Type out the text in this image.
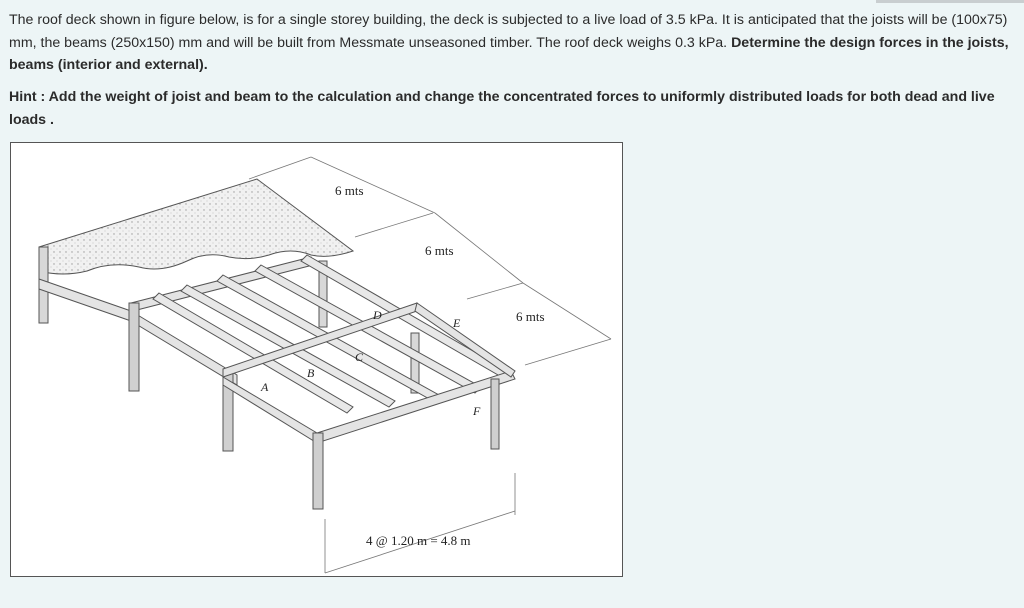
The roof deck shown in figure below, is for a single storey building, the deck is subjected to a live load of 3.5 kPa. It is anticipated that the joists will be (100x75) mm, the beams (250x150) mm and will be built from Messmate unseasoned timber. The roof deck weighs 0.3 kPa. Determine the design forces in the joists, beams (interior and external).

Hint : Add the weight of joist and beam to the calculation and change the concentrated forces to uniformly distributed loads for both dead and live loads .

6 mts
6 mts
6 mts
4 @ 1.20 m = 4.8 m
A
B
C
D
E
F
